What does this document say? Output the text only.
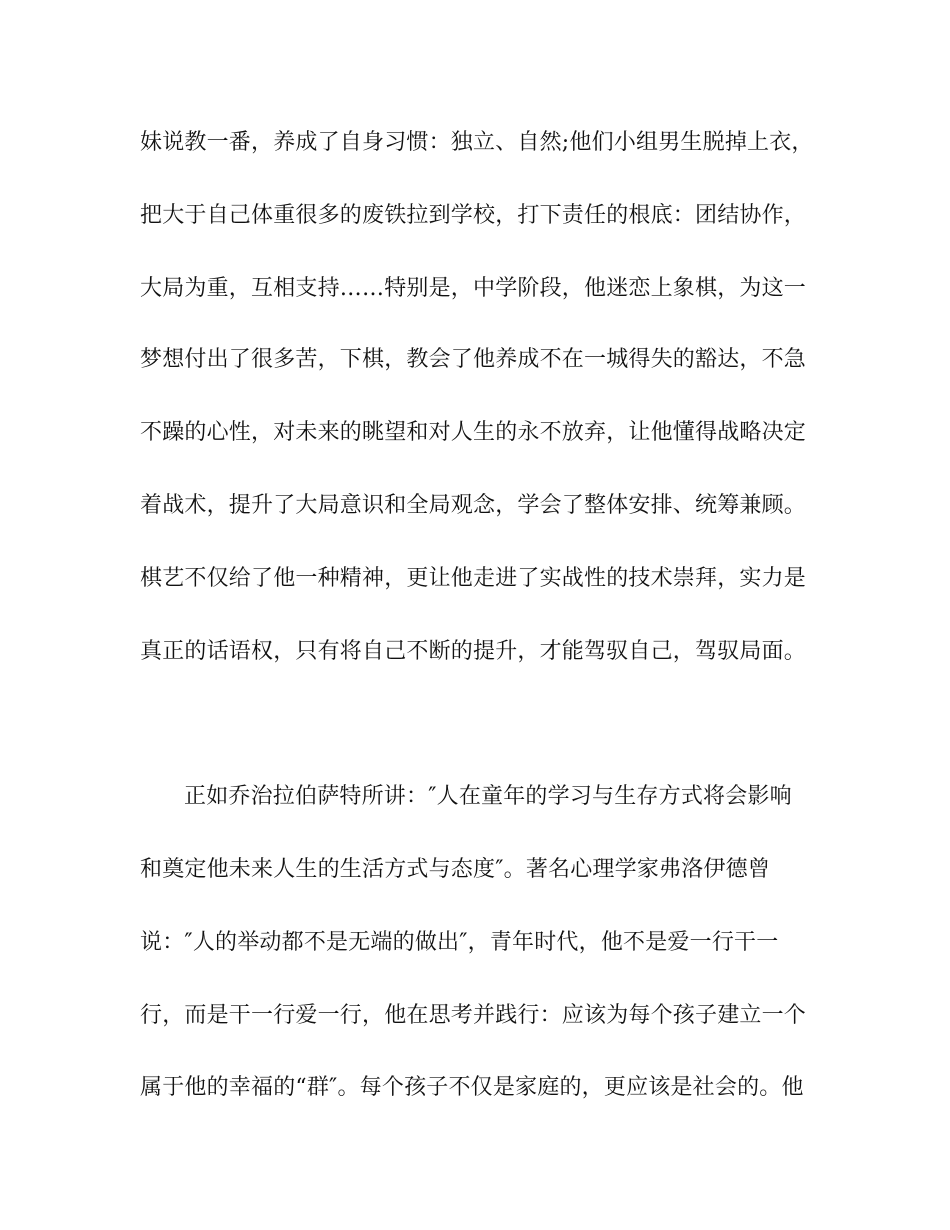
妹说教一番，养成了自身习惯：独立、自然;他们小组男生脱掉上衣，
把大于自己体重很多的废铁拉到学校，打下责任的根底：团结协作，
大局为重，互相支持……特别是，中学阶段，他迷恋上象棋，为这一
梦想付出了很多苦，下棋，教会了他养成不在一城得失的豁达，不急
不躁的心性，对未来的眺望和对人生的永不放弃，让他懂得战略决定
着战术，提升了大局意识和全局观念，学会了整体安排、统筹兼顾。
棋艺不仅给了他一种精神，更让他走进了实战性的技术崇拜，实力是
真正的话语权，只有将自己不断的提升，才能驾驭自己，驾驭局面。
正如乔治拉伯萨特所讲：″人在童年的学习与生存方式将会影响
和奠定他未来人生的生活方式与态度″。著名心理学家弗洛伊德曾
说：″人的举动都不是无端的做出″，青年时代，他不是爱一行干一
行，而是干一行爱一行，他在思考并践行：应该为每个孩子建立一个
属于他的幸福的“群″。每个孩子不仅是家庭的，更应该是社会的。他
